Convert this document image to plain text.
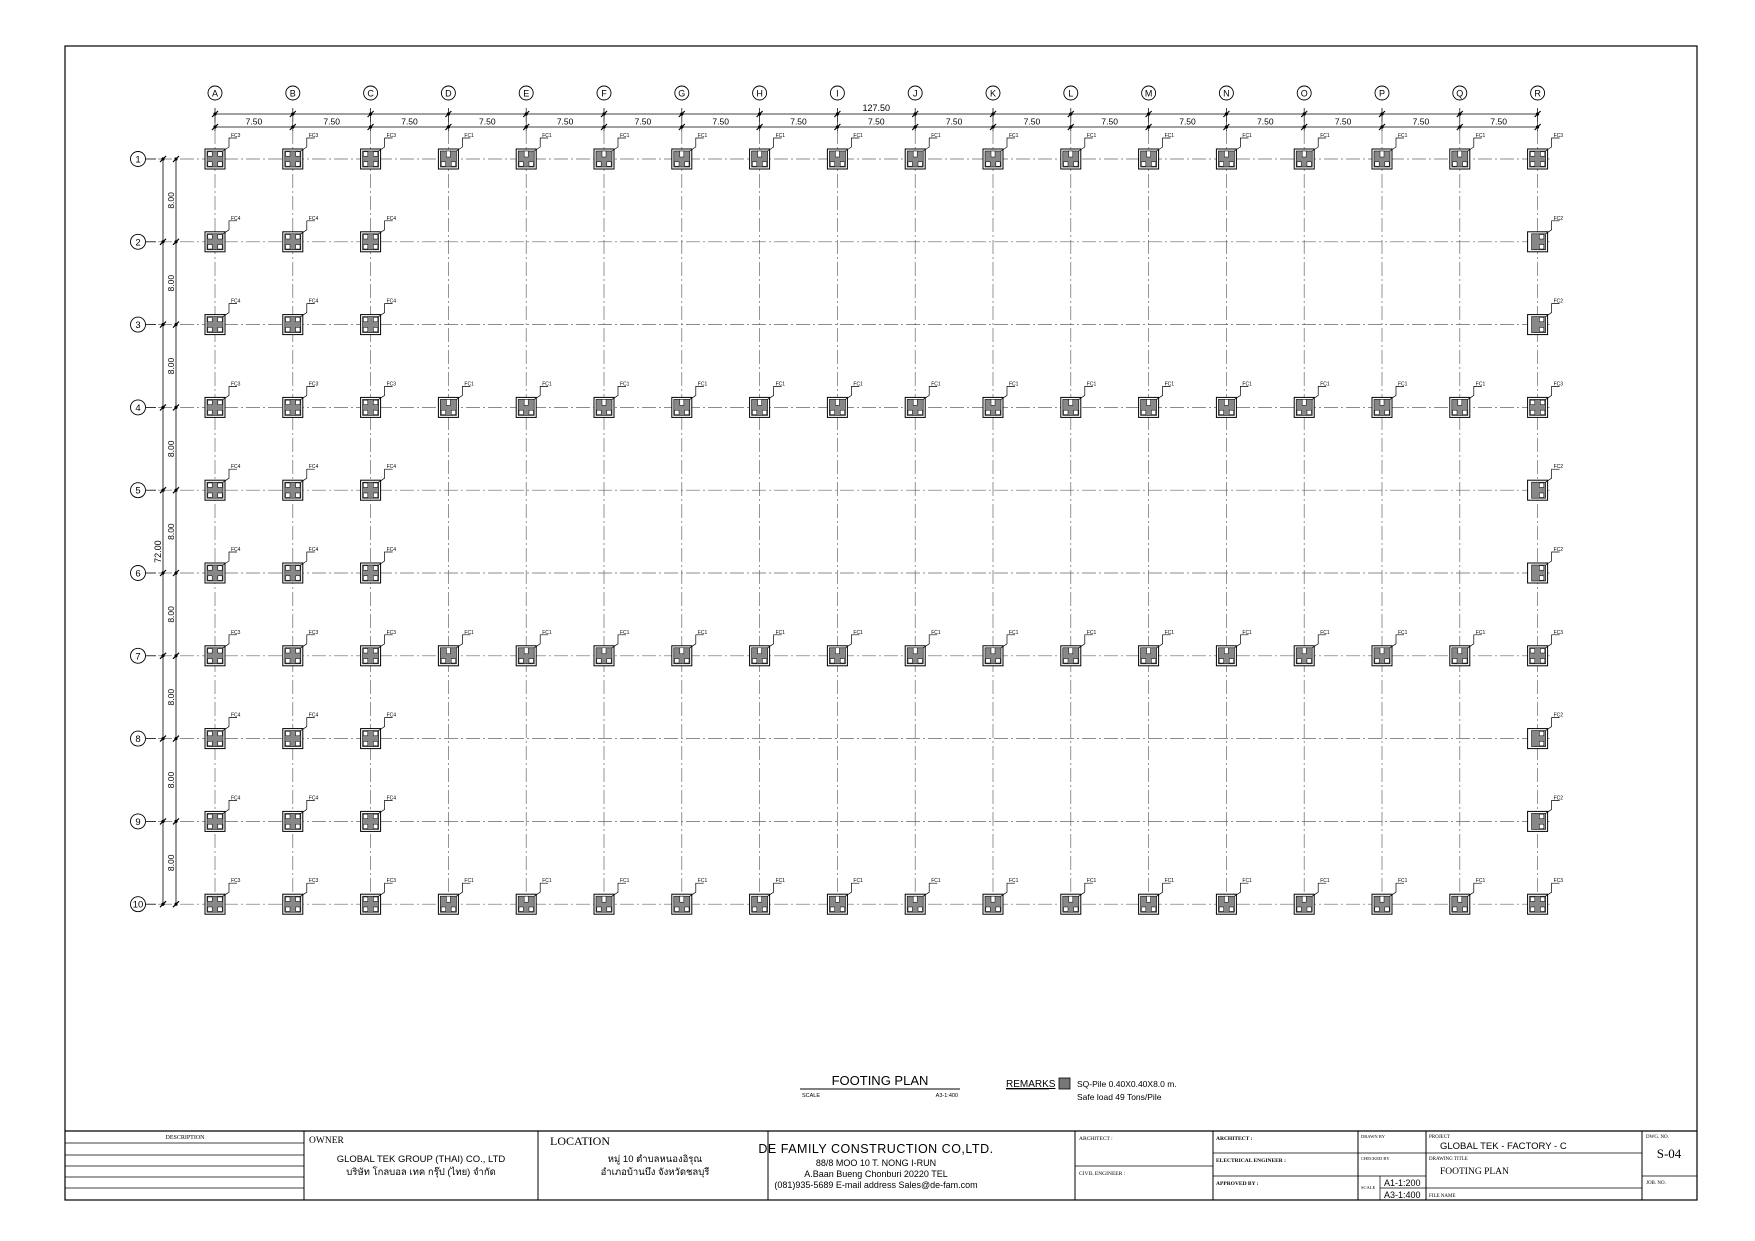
127.50
7.50	7.50	7.50	7.50	7.50	7.50	7.50	7.50	7.50	7.50	7.50	7.50	7.50	7.50	7.50	7.50	7.50
8.00
8.00
8.00
8.00
8.00
8.00
8.00
8.00
8.00
72.00
FC3
FC4
FC4
FC3
FC4
FC4
FC3
FC4
FC4
FC3
FC3
FC4
FC4
FC3
FC4
FC4
FC3
FC4
FC4
FC3
FC3
FC4
FC4
FC3
FC4
FC4
FC3
FC4
FC4
FC3
FC1
FC1
FC1
FC1
FC1
FC1
FC1
FC1
FC1
FC1
FC1
FC1
FC1
FC1
FC1
FC1
FC1
FC1
FC1
FC1
FC1
FC1
FC1
FC1
FC1
FC1
FC1
FC1
FC1
FC1
FC1
FC1
FC1
FC1
FC1
FC1
FC1
FC1
FC1
FC1
FC1
FC1
FC1
FC1
FC1
FC1
FC1
FC1
FC1
FC1
FC1
FC1
FC1
FC1
FC1
FC1
FC3
FC2
FC2
FC3
FC2
FC2
FC3
FC2
FC2
FC3
A	B	C	D	E	F	G	H	I	J	K	L	M	N	O	P	Q	R
1
2
3
4
5
6
7
8
9
10
FOOTING PLAN
SCALE	A3-1:400
REMARKS	SQ-Pile 0.40X0.40X8.0 m.
Safe load 49 Tons/Pile
DESCRIPTION	OWNER
GLOBAL TEK GROUP (THAI) CO., LTD
บริษัท โกลบอล เทค กรุ๊ป (ไทย) จำกัด
LOCATION
หมู่ 10 ตำบลหนองอิรุณ
อำเภอบ้านบึง จังหวัดชลบุรี
DE FAMILY CONSTRUCTION CO,LTD.
88/8 MOO 10 T. NONG I-RUN
A.Baan Bueng Chonburi 20220 TEL
(081)935-5689 E-mail address Sales@de-fam.com
ARCHITECT :
CIVIL ENGINEER :
ARCHITECT :
ELECTRICAL ENGINEER :
APPROVED BY :
DRAWN BY
CHECKED BY
SCALE A1-1:200
A3-1:400
PROJECT
GLOBAL TEK - FACTORY - C
DRAWING TITLE
FOOTING PLAN
FILE NAME
DWG. NO.
S-04
JOB. NO.
